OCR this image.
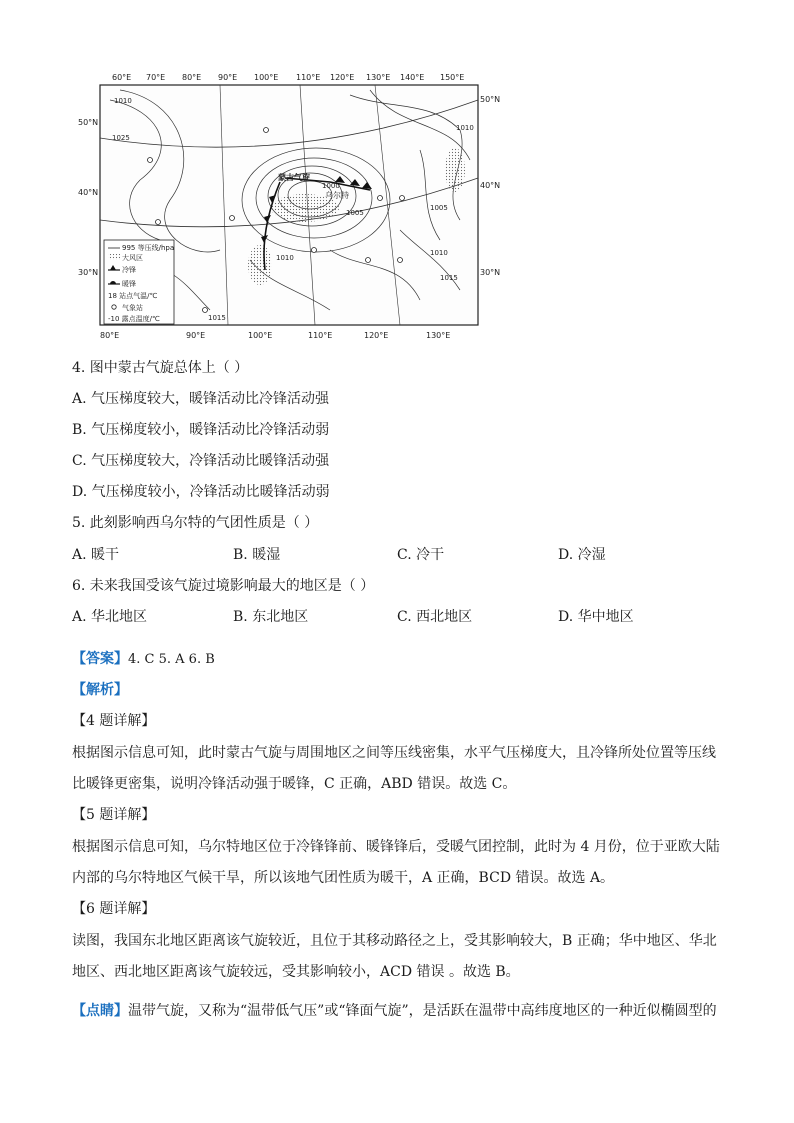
60°E 70°E 80°E 90°E 100°E 110°E 120°E 130°E 140°E 150°E
80°E	90°E	100°E	110°E	120°E	130°E
50°N
40°N
30°N
50°N
40°N
30°N
1010
1025
1005
1000
1015
1010
1010
1015
1005
1010
蒙古气旋
乌尔特
995 等压线/hpa
大风区
冷锋
暖锋
18 站点气温/℃
气象站
-10 露点温度/℃
4. 图中蒙古气旋总体上（ ）
A. 气压梯度较大，暖锋活动比冷锋活动强
B. 气压梯度较小，暖锋活动比冷锋活动弱
C. 气压梯度较大，冷锋活动比暖锋活动强
D. 气压梯度较小，冷锋活动比暖锋活动弱
5. 此刻影响西乌尔特的气团性质是（ ）
A. 暖干	B. 暖湿	C. 冷干	D. 冷湿
6. 未来我国受该气旋过境影响最大的地区是（ ）
A. 华北地区	B. 东北地区	C. 西北地区	D. 华中地区
【答案】4. C 5. A 6. B
【解析】
【4 题详解】
根据图示信息可知，此时蒙古气旋与周围地区之间等压线密集，水平气压梯度大，且冷锋所处位置等压线比暖锋更密集，说明冷锋活动强于暖锋，C 正确，ABD 错误。故选 C。
【5 题详解】
根据图示信息可知，乌尔特地区位于冷锋锋前、暖锋锋后，受暖气团控制，此时为 4 月份，位于亚欧大陆内部的乌尔特地区气候干旱，所以该地气团性质为暖干，A 正确，BCD 错误。故选 A。
【6 题详解】
读图，我国东北地区距离该气旋较近，且位于其移动路径之上，受其影响较大，B 正确；华中地区、华北地区、西北地区距离该气旋较远，受其影响较小，ACD 错误 。故选 B。
【点睛】温带气旋，又称为“温带低气压”或“锋面气旋”，是活跃在温带中高纬度地区的一种近似椭圆型的
